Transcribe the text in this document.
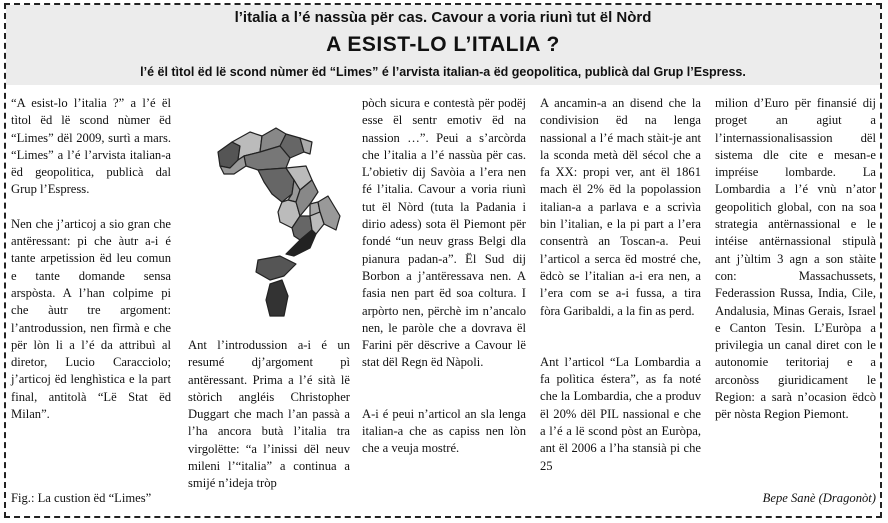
l’italia a l’é nassùa për cas. Cavour a voria riunì tut ël Nòrd
A ESIST-LO L’ITALIA ?
l’é ël tìtol ëd lë scond nùmer ëd “Limes” é l’arvista italian-a ëd geopolitica, publicà dal Grup l’Espress.

“A esist-lo l’italia ?” a l’é ël tìtol ëd lë scond nùmer ëd “Limes” dël 2009, surtì a mars. “Limes” a l’é l’arvista italian-a ëd geopolitica, publicà dal Grup l’Espress.

Nen che j’articoj a sio gran che antëressant: pi che àutr a-i é tante arpetission ëd leu comun e tante domande sensa arspòsta. A l’han colpime pi che àutr tre argoment: l’antrodussion, nen fìrmà e che për lòn li a l’é da attribuì al diretor, Lucio Caracciolo; j’articoj ëd lenghìstica e la part final, antitolà “Lë Stat ëd Milan”.

Ant l’introdussion a-i é un resumé dj’argoment pì antëressant. Prima a l’é sità lë stòrich angléis Christopher Duggart che mach l’an passà a l’ha ancora butà l’italia tra virgolëtte: “a l’inissi dël neuv mileni l’“italia” a continua a smijé n’ideja tròp

pòch sicura e contestà për podëj esse ël sentr emotiv ëd na nassion …”. Peui a s’arcòrda che l’italia a l’é nassùa për cas. L’obietiv dij Savòia a l’era nen fé l’italia. Cavour a voria riunì tut ël Nòrd (tuta la Padania i dirio adess) sota ël Piemont për fondé “un neuv grass Belgi dla pianura padan-a”. Ël Sud dij Borbon a j’antëressava nen. A fasia nen part ëd soa coltura. I arpòrto nen, përchè im n’ancalo nen, le paròle che a dovrava ël Farini për dëscrive a Cavour lë stat dël Regn ëd Nàpoli.

A-i é peui n’articol an sla lenga italian-a che as capiss nen lòn che a veuja mostré.

A ancamin-a an disend che la condivision ëd na lenga nassional a l’é mach stàit-je ant la sconda metà dël sécol che a fa XX: propi ver, ant ël 1861 mach ël 2% ëd la popolassion italian-a a parlava e a scrivìa bin l’italian, e la pi part a l’era consentrà an Toscan-a. Peui l’articol a serca ëd mostré che, ëdcò se l’italian a-i era nen, a l’era com se a-i fussa, a tira fòra Garibaldi, a la fin as perd.

Ant l’articol “La Lombardia a fa polìtica éstera”, as fa noté che la Lombardia, che a produv ël 20% dël PIL nassional e che a l’é a lë scond pòst an Euròpa, ant ël 2006 a l’ha stansià pi che 25

milion d’Euro për finansié dij proget an agiut a l’internassionalisassion dël sistema dle cite e mesan-e impréise lombarde. La Lombardia a l’é vnù n’ator geopolitich global, con na soa strategia antërnassional e le intéise antërnassional stipulà ant j’ùltim 3 agn a son stàite con: Massachussets, Federassion Russa, India, Cile, Andalusia, Minas Gerais, Israel e Canton Tesin. L’Euròpa a privilegia un canal diret con le autonomie teritoriaj e a arconòss giuridicament le Region: a sarà n’ocasion ëdcò për nòsta Region Piemont.

Fig.: La custion ëd “Limes”	Bepe Sanè (Dragonòt)
